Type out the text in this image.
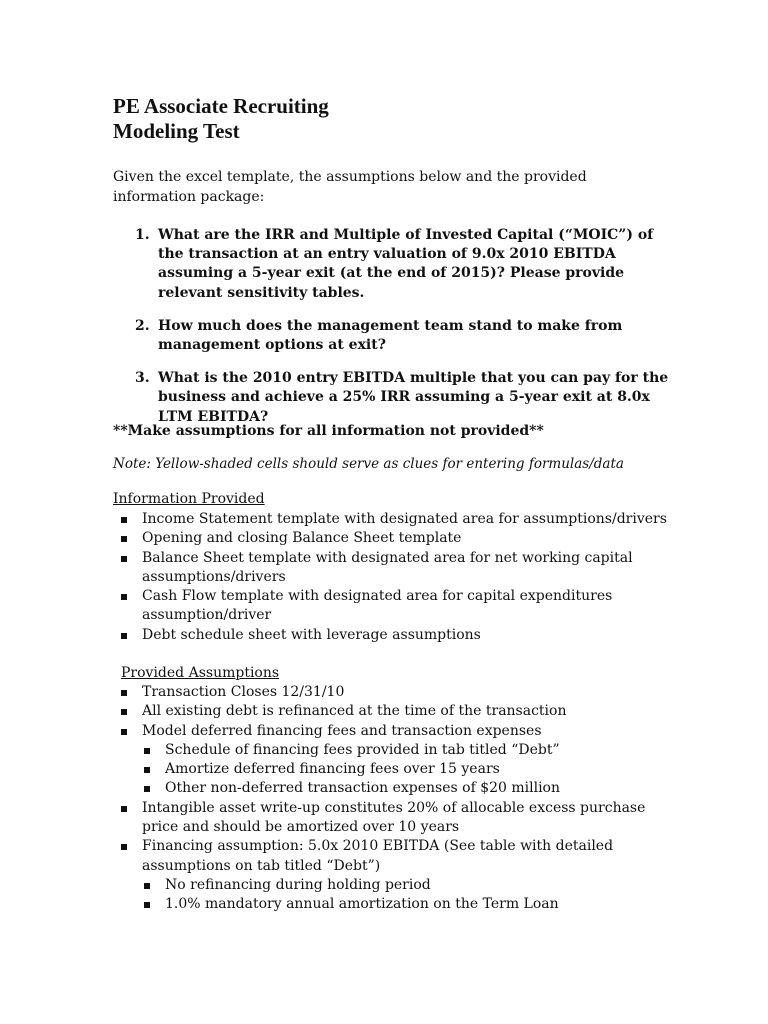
PE Associate Recruiting
Modeling Test

Given the excel template, the assumptions below and the provided information package:

1. What are the IRR and Multiple of Invested Capital (“MOIC”) of the transaction at an entry valuation of 9.0x 2010 EBITDA assuming a 5-year exit (at the end of 2015)? Please provide relevant sensitivity tables.
2. How much does the management team stand to make from management options at exit?
3. What is the 2010 entry EBITDA multiple that you can pay for the business and achieve a 25% IRR assuming a 5-year exit at 8.0x LTM EBITDA?

**Make assumptions for all information not provided**

Note: Yellow-shaded cells should serve as clues for entering formulas/data

Information Provided

Income Statement template with designated area for assumptions/drivers
Opening and closing Balance Sheet template
Balance Sheet template with designated area for net working capital assumptions/drivers
Cash Flow template with designated area for capital expenditures assumption/driver
Debt schedule sheet with leverage assumptions

Provided Assumptions

Transaction Closes 12/31/10
All existing debt is refinanced at the time of the transaction
Model deferred financing fees and transaction expenses
Schedule of financing fees provided in tab titled “Debt”
Amortize deferred financing fees over 15 years
Other non-deferred transaction expenses of $20 million
Intangible asset write-up constitutes 20% of allocable excess purchase price and should be amortized over 10 years
Financing assumption: 5.0x 2010 EBITDA (See table with detailed assumptions on tab titled “Debt”)
No refinancing during holding period
1.0% mandatory annual amortization on the Term Loan
